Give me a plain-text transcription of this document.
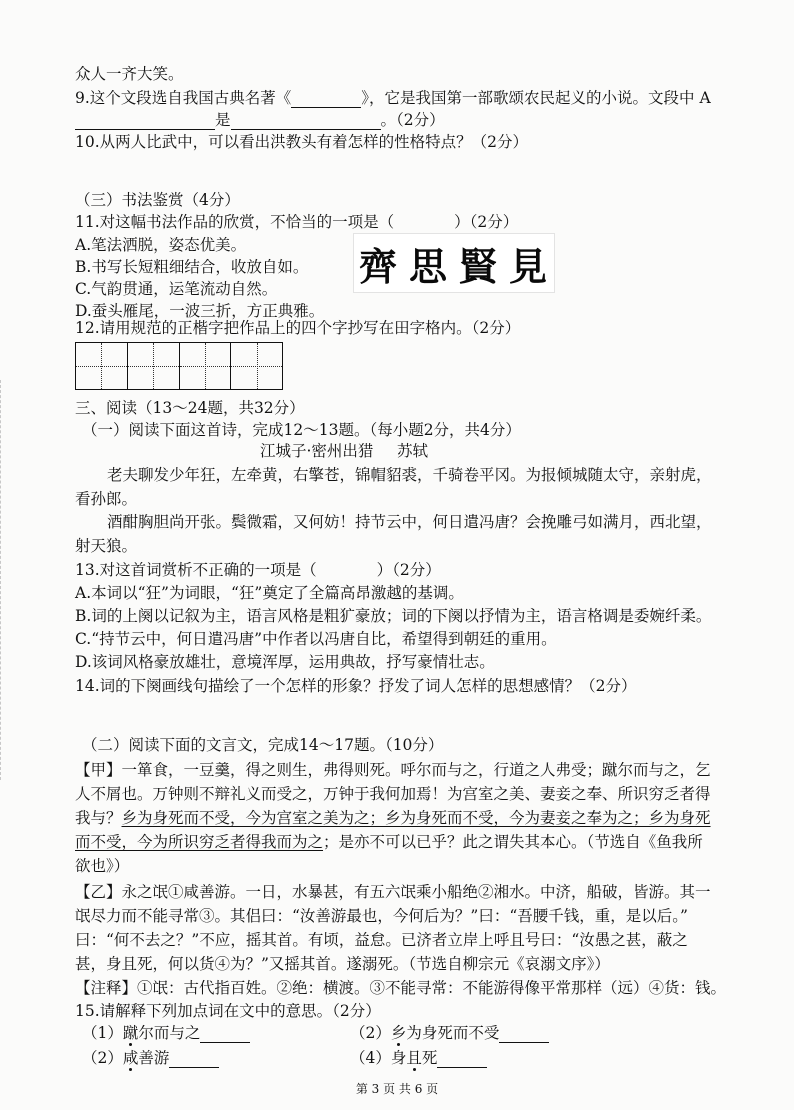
众人一齐大笑。
9.这个文段选自我国古典名著《	》，它是我国第一部歌颂农民起义的小说。文段中 A
是	。（2分）
10.从两人比武中，可以看出洪教头有着怎样的性格特点？（2分）
（三）书法鉴赏（4分）
11.对这幅书法作品的欣赏，不恰当的一项是（	）（2分）
A.笔法洒脱，姿态优美。
B.书写长短粗细结合，收放自如。
C.气韵贯通，运笔流动自然。
D.蚕头雁尾，一波三折，方正典雅。
齊 思 賢 見
12.请用规范的正楷字把作品上的四个字抄写在田字格内。（2分）
三、阅读（13～24题，共32分）
（一）阅读下面这首诗，完成12～13题。（每小题2分，共4分）
江城子·密州出猎 苏轼
老夫聊发少年狂，左牵黄，右擎苍，锦帽貂裘，千骑卷平冈。为报倾城随太守，亲射虎，
看孙郎。
酒酣胸胆尚开张。鬓微霜，又何妨！持节云中，何日遣冯唐？会挽雕弓如满月，西北望，
射天狼。
13.对这首词赏析不正确的一项是（	）（2分）
A.本词以“狂”为词眼，“狂”奠定了全篇高昂激越的基调。
B.词的上阕以记叙为主，语言风格是粗犷豪放；词的下阕以抒情为主，语言格调是委婉纤柔。
C.“持节云中，何日遣冯唐”中作者以冯唐自比，希望得到朝廷的重用。
D.该词风格豪放雄壮，意境浑厚，运用典故，抒写豪情壮志。
14.词的下阕画线句描绘了一个怎样的形象？抒发了词人怎样的思想感情？（2分）
（二）阅读下面的文言文，完成14～17题。（10分）
【甲】一箪食，一豆羹，得之则生，弗得则死。呼尔而与之，行道之人弗受；蹴尔而与之，乞
人不屑也。万钟则不辩礼义而受之，万钟于我何加焉！为宫室之美、妻妾之奉、所识穷乏者得
我与？乡为身死而不受，今为宫室之美为之；乡为身死而不受，今为妻妾之奉为之；乡为身死
而不受，今为所识穷乏者得我而为之；是亦不可以已乎？此之谓失其本心。（节选自《鱼我所
欲也》）
【乙】永之氓①咸善游。一日，水暴甚，有五六氓乘小船绝②湘水。中济，船破，皆游。其一
氓尽力而不能寻常③。其侣曰：“汝善游最也，今何后为？”曰：“吾腰千钱，重，是以后。”
曰：“何不去之？”不应，摇其首。有顷，益怠。已济者立岸上呼且号曰：“汝愚之甚，蔽之
甚，身且死，何以货④为？”又摇其首。遂溺死。（节选自柳宗元《哀溺文序》）
【注释】①氓：古代指百姓。②绝：横渡。③不能寻常：不能游得像平常那样（远）④货：钱。
15.请解释下列加点词在文中的意思。（2分）
（1）蹴尔而与之	（2）乡为身死而不受
（2）咸善游	（4）身且死
第 3 页 共 6 页
